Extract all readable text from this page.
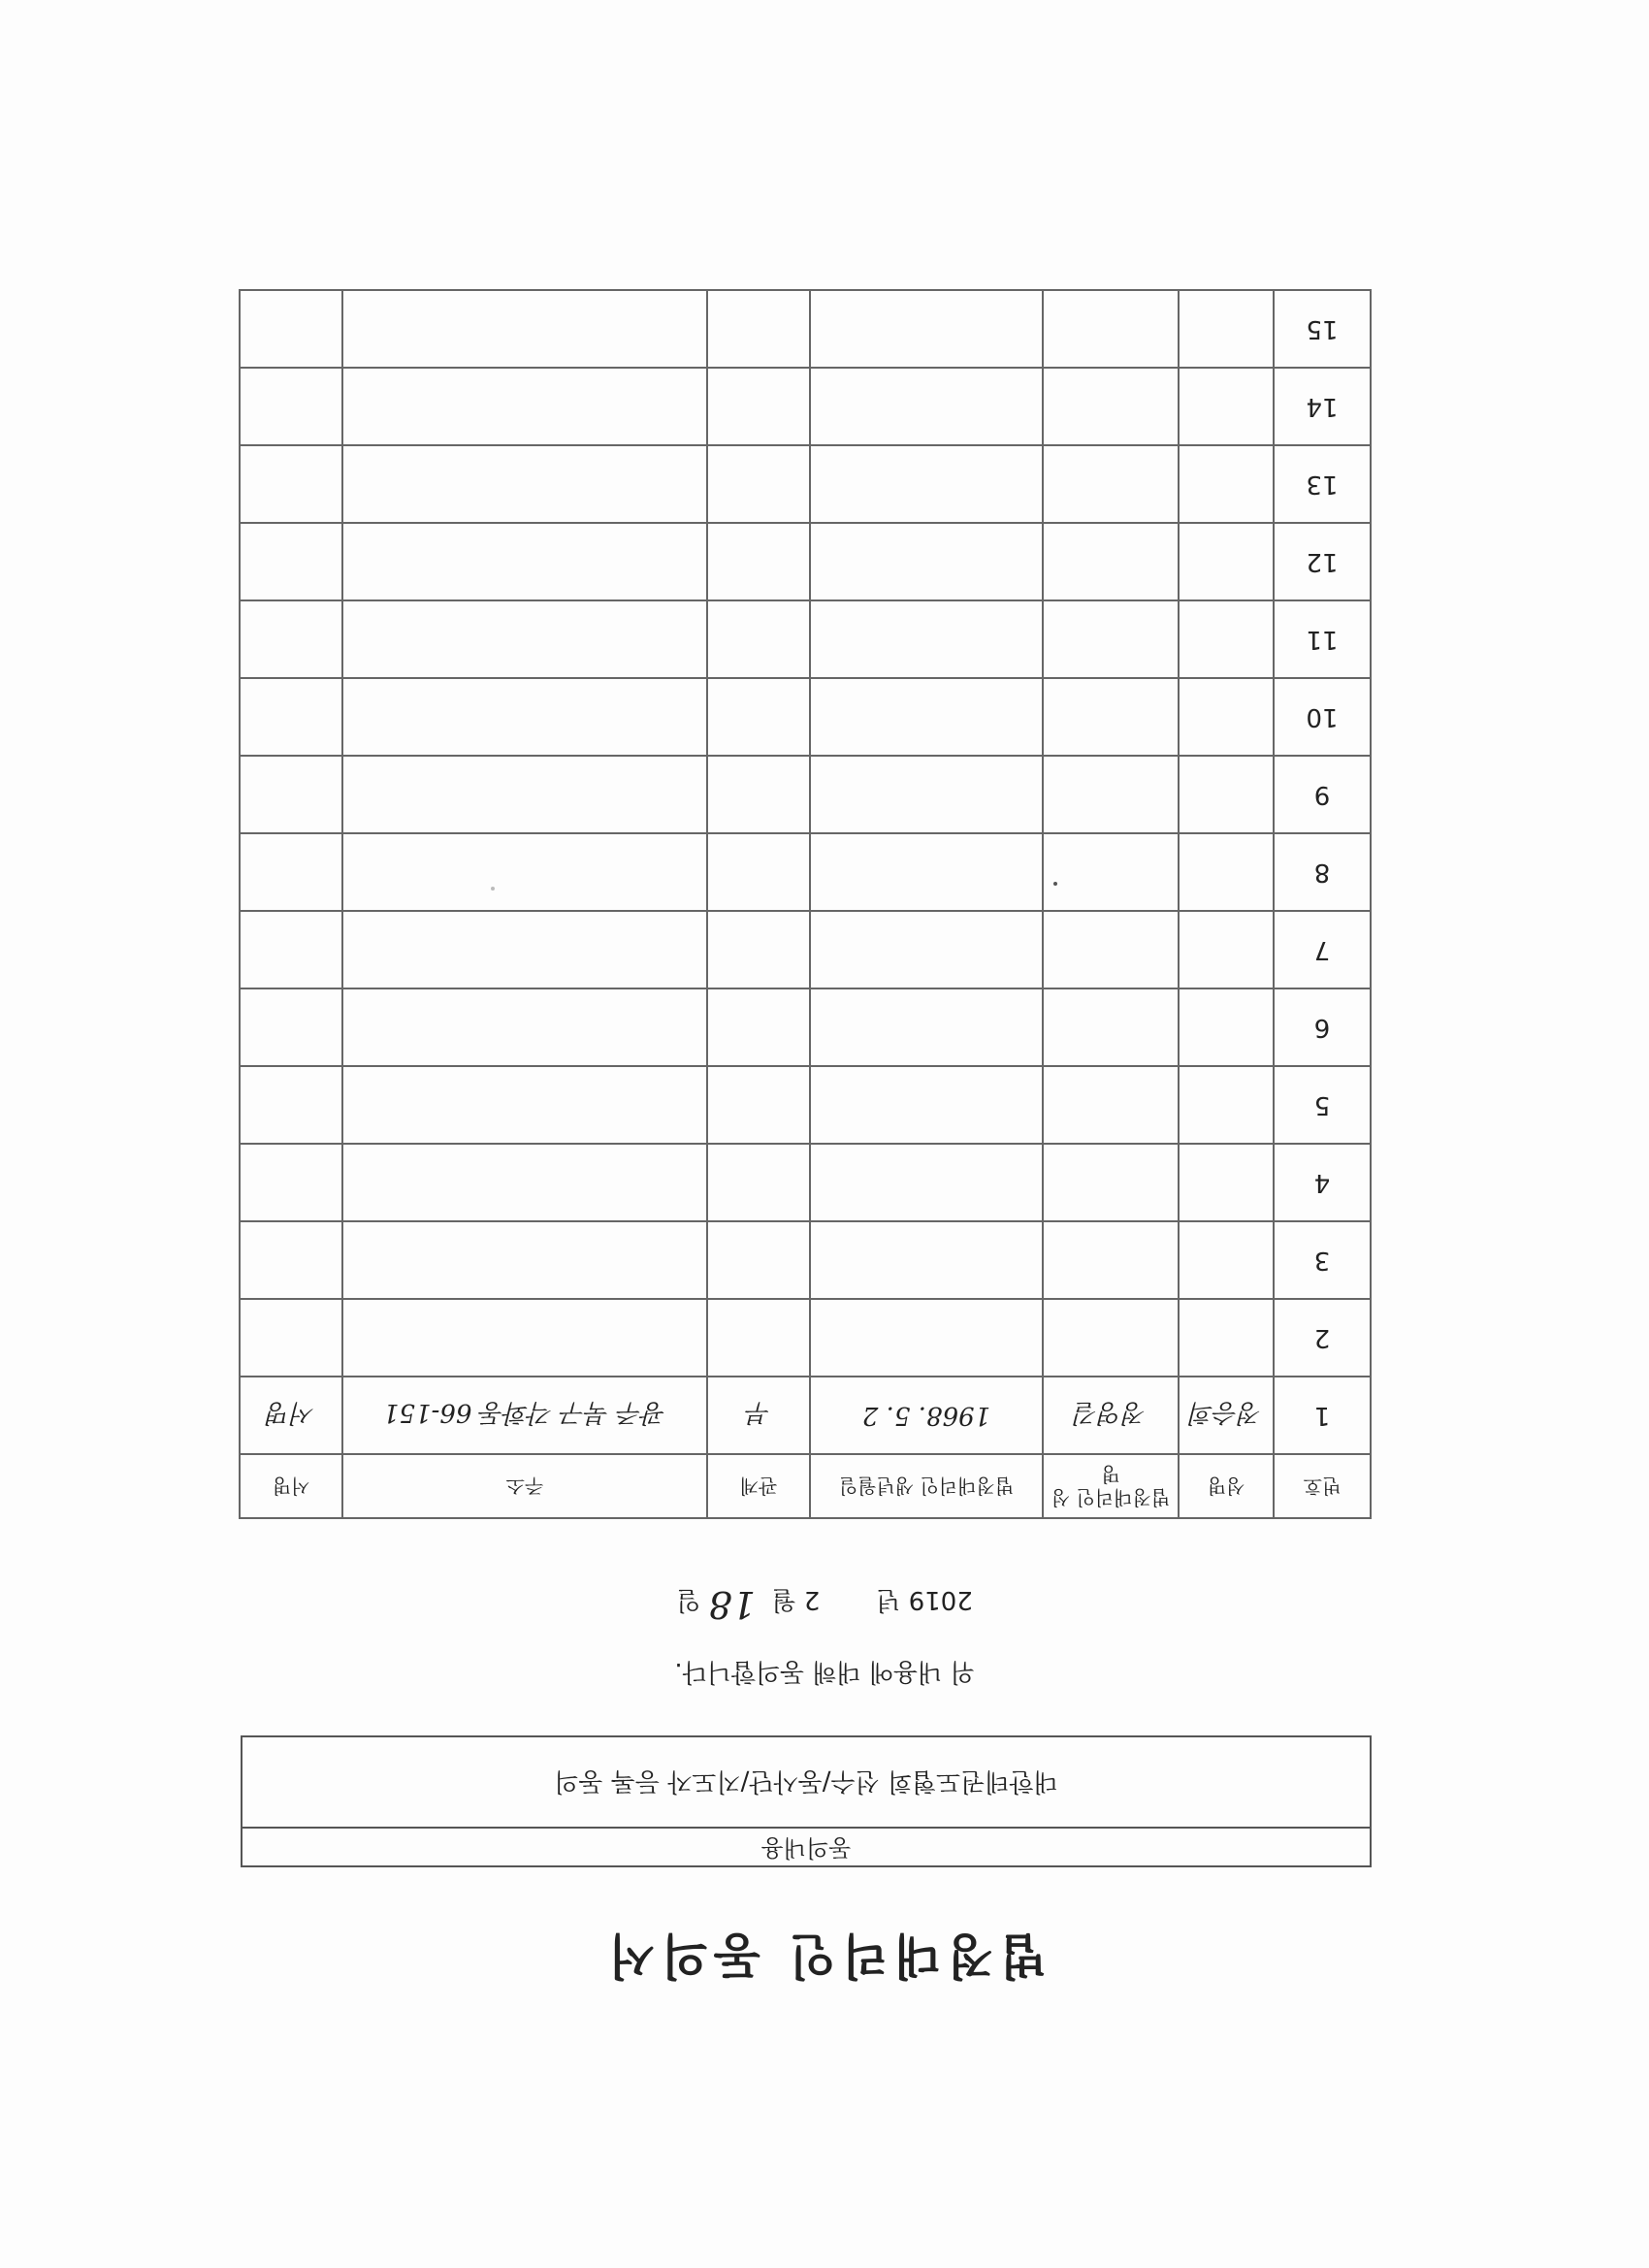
법정대리인 동의서
동의내용
대한테권도협회 선수/동사단/지도자 등록 동의
위 내용에 대해 동의합니다.
2019 년       2 월  18 일
번호	성명	법정대리인 성명	법정대리인 생년월일	관계	주소	서명
1	정승희	정영길	1968. 5. 2	부	광주 북구 각화동 66-151	서명
2						
3						
4						
5						
6						
7						
8						
9						
10						
11						
12						
13						
14						
15						
